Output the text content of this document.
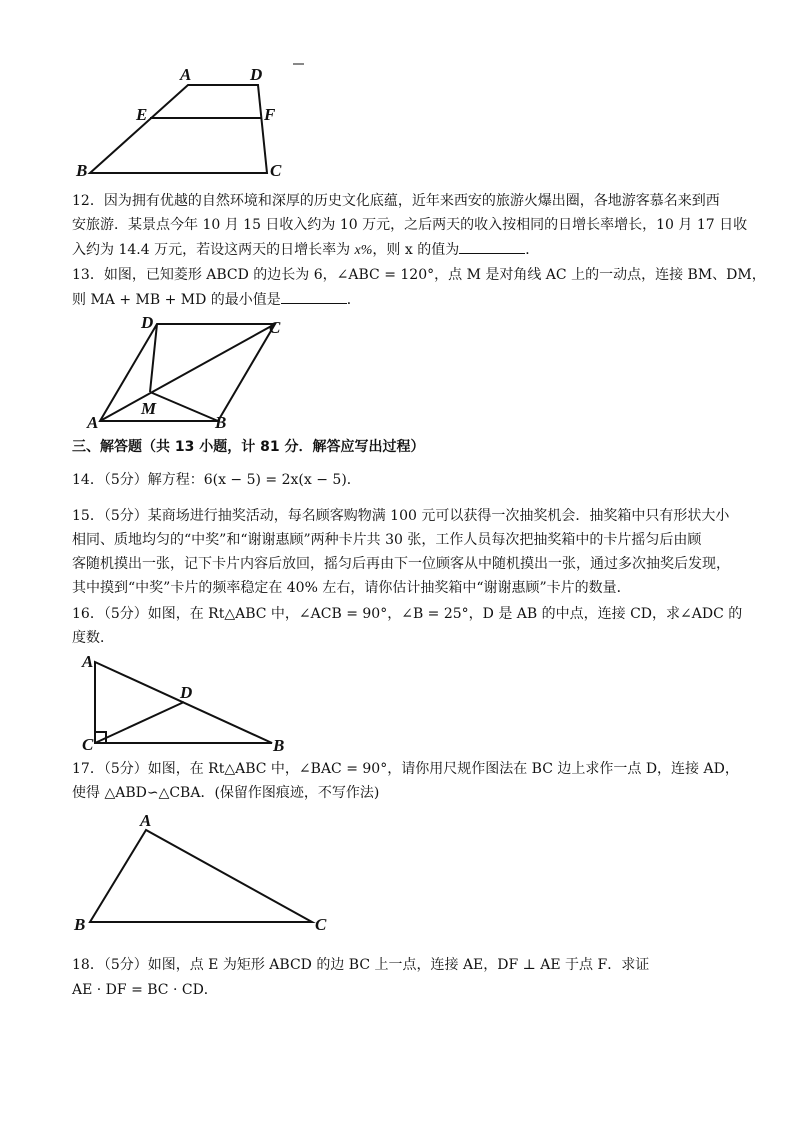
A	D
E	F
B	C
12．因为拥有优越的自然环境和深厚的历史文化底蕴，近年来西安的旅游火爆出圈，各地游客慕名来到西
安旅游．某景点今年 10 月 15 日收入约为 10 万元，之后两天的收入按相同的日增长率增长，10 月 17 日收
入约为 14.4 万元，若设这两天的日增长率为 x%，则 x 的值为	．
13．如图，已知菱形 ABCD 的边长为 6，∠ABC = 120°，点 M 是对角线 AC 上的一动点，连接 BM、DM，
则 MA + MB + MD 的最小值是	．
D	C
A
M
B
三、解答题（共 13 小题，计 81 分．解答应写出过程）
14．（5分）解方程：6(x − 5) = 2x(x − 5)．
15．（5分）某商场进行抽奖活动，每名顾客购物满 100 元可以获得一次抽奖机会．抽奖箱中只有形状大小
相同、质地均匀的“中奖”和“谢谢惠顾”两种卡片共 30 张，工作人员每次把抽奖箱中的卡片摇匀后由顾
客随机摸出一张，记下卡片内容后放回，摇匀后再由下一位顾客从中随机摸出一张，通过多次抽奖后发现，
其中摸到“中奖”卡片的频率稳定在 40% 左右，请你估计抽奖箱中“谢谢惠顾”卡片的数量．
16．（5分）如图，在 Rt△ABC 中，∠ACB = 90°，∠B = 25°，D 是 AB 的中点，连接 CD，求∠ADC 的
度数．
A
D
C	B
17．（5分）如图，在 Rt△ABC 中，∠BAC = 90°，请你用尺规作图法在 BC 边上求作一点 D，连接 AD，
使得 △ABD∽△CBA．(保留作图痕迹，不写作法)
A
B	C
18．（5分）如图，点 E 为矩形 ABCD 的边 BC 上一点，连接 AE，DF ⊥ AE 于点 F．求证
AE · DF = BC · CD．
